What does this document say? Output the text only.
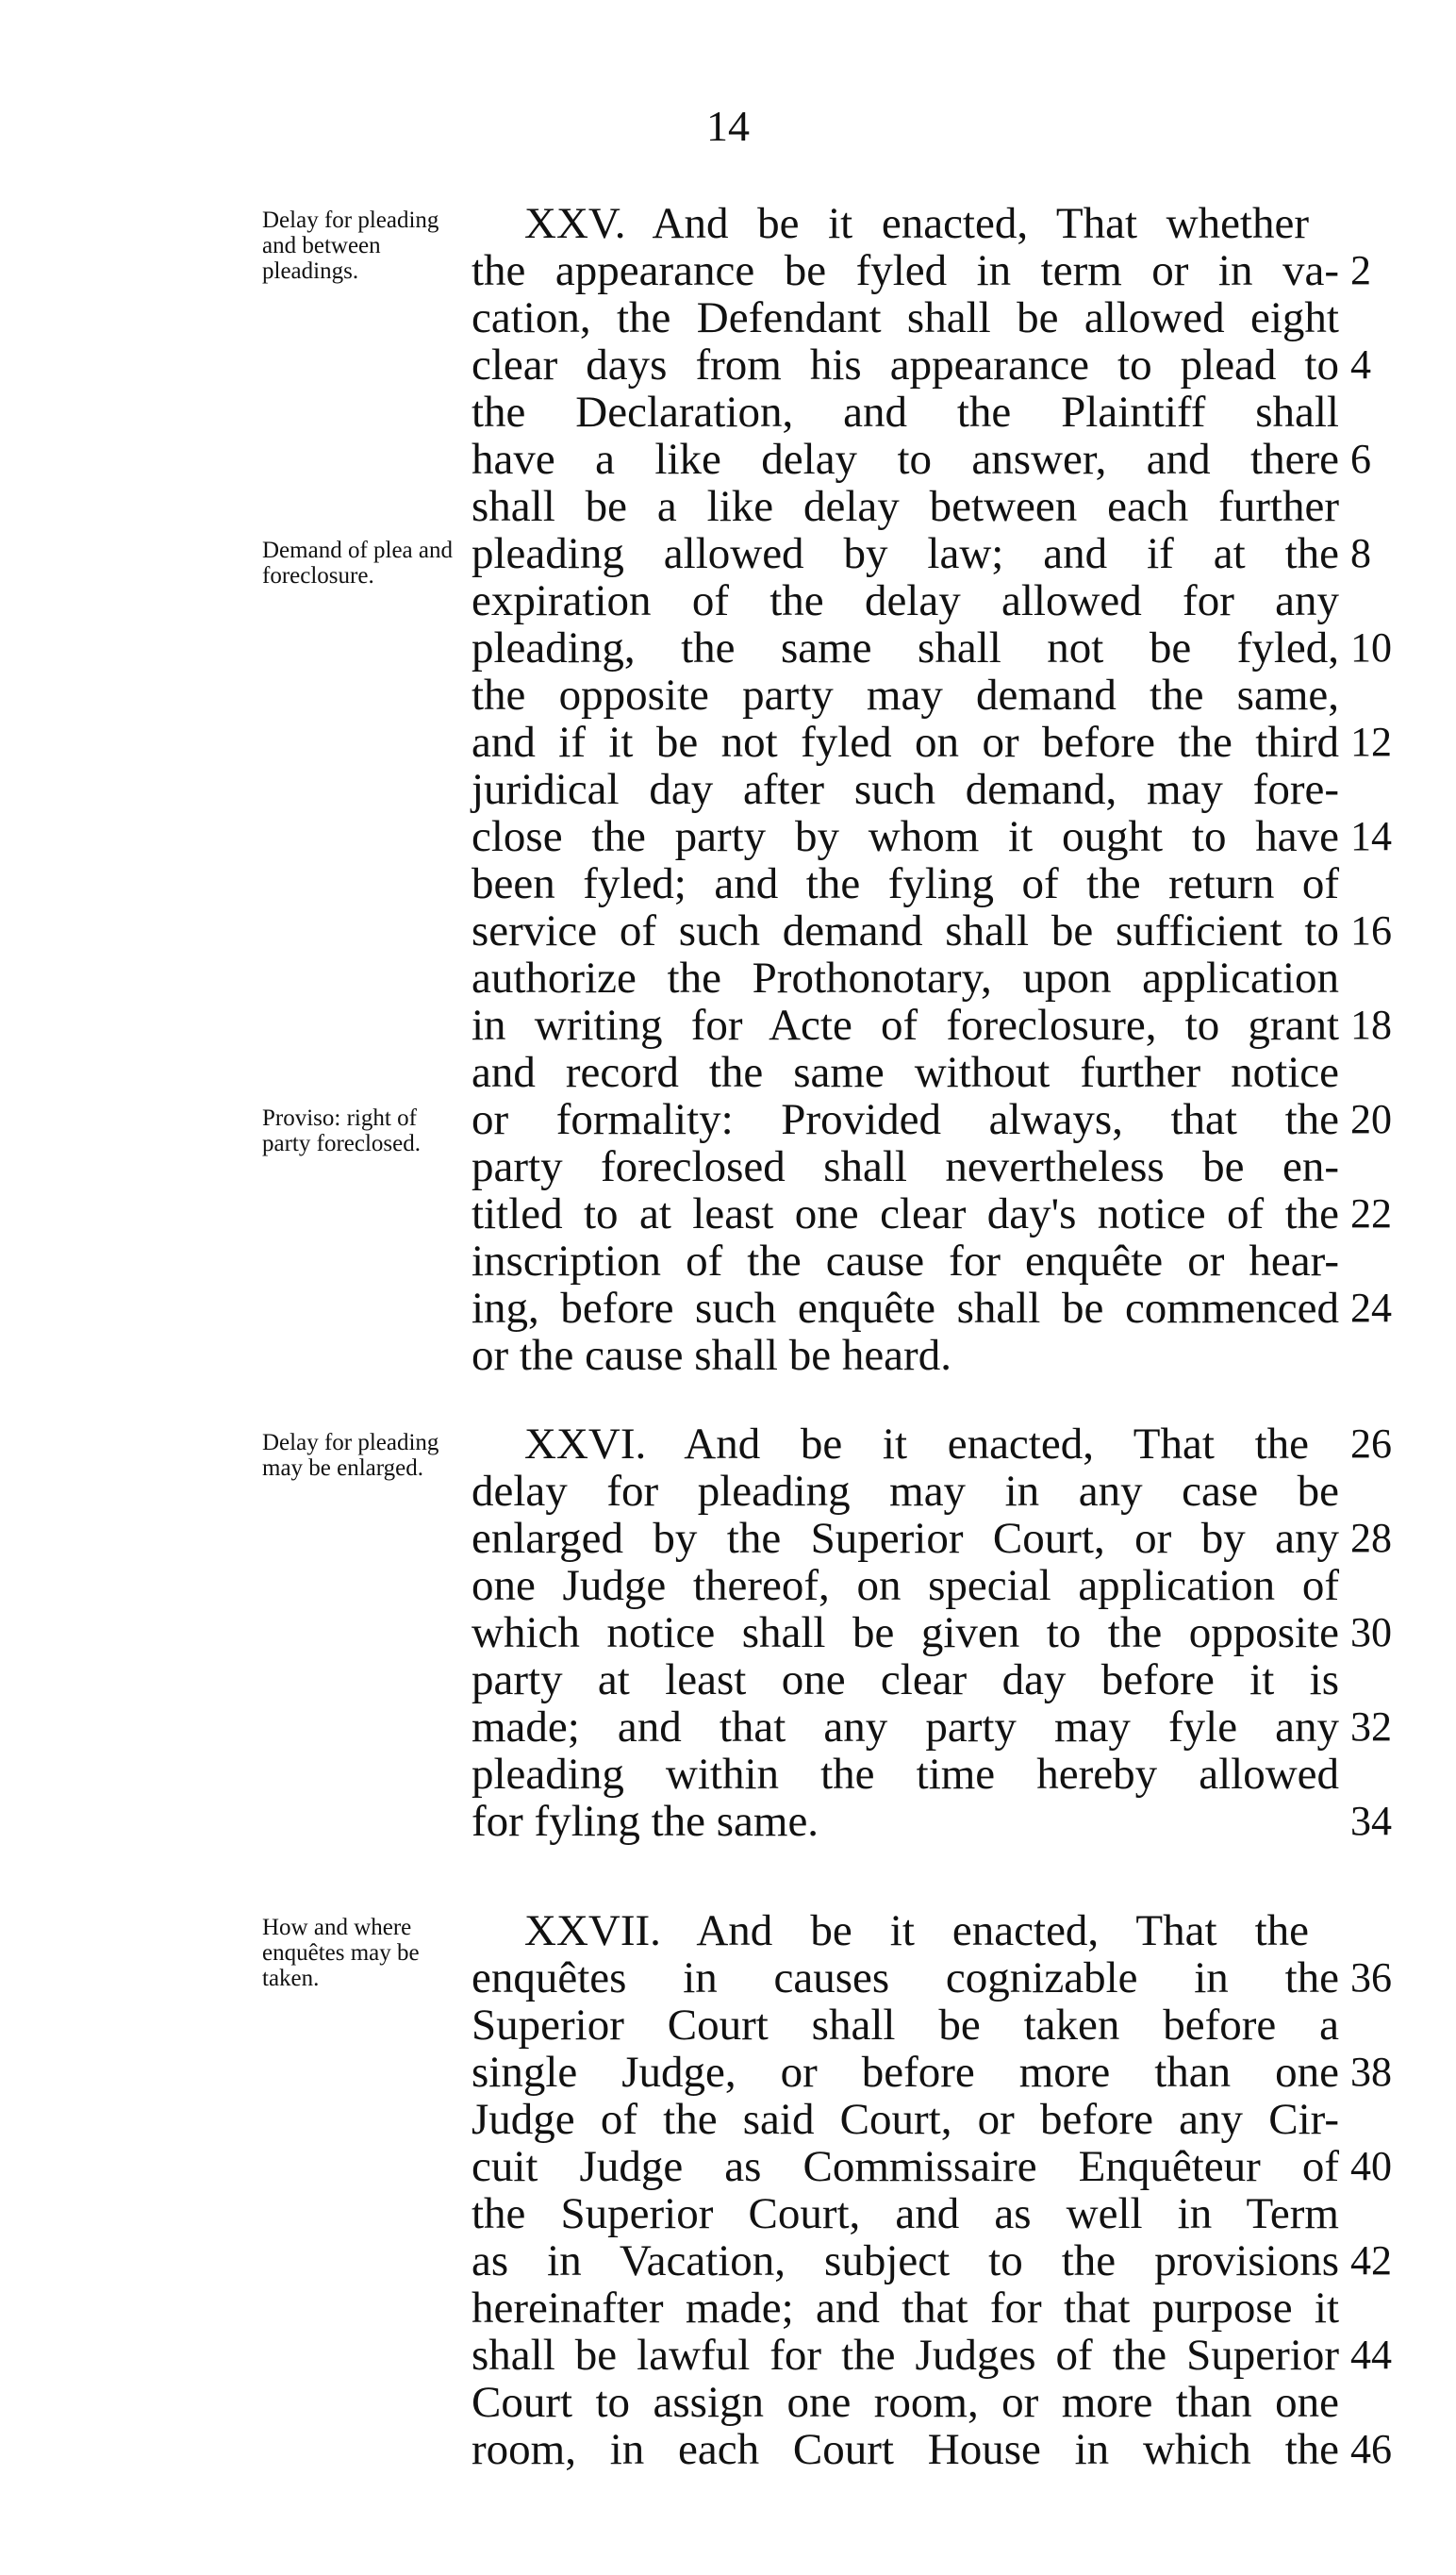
14
Delay for pleading and between pleadings.
Demand of plea and foreclosure.
Proviso: right of party foreclosed.
XXV. And be it enacted, That whether
the appearance be fyled in term or in va- 2
cation, the Defendant shall be allowed eight
clear days from his appearance to plead to 4
the Declaration, and the Plaintiff shall
have a like delay to answer, and there 6
shall be a like delay between each further
pleading allowed by law; and if at the 8
expiration of the delay allowed for any
pleading, the same shall not be fyled, 10
the opposite party may demand the same,
and if it be not fyled on or before the third 12
juridical day after such demand, may fore-
close the party by whom it ought to have 14
been fyled; and the fyling of the return of
service of such demand shall be sufficient to 16
authorize the Prothonotary, upon application
in writing for Acte of foreclosure, to grant 18
and record the same without further notice
or formality: Provided always, that the 20
party foreclosed shall nevertheless be en-
titled to at least one clear day's notice of the 22
inscription of the cause for enquête or hear-
ing, before such enquête shall be commenced 24
or the cause shall be heard.
Delay for pleading may be enlarged.	XXVI. And be it enacted, That the 26
delay for pleading may in any case be
enlarged by the Superior Court, or by any 28
one Judge thereof, on special application of
which notice shall be given to the opposite 30
party at least one clear day before it is
made; and that any party may fyle any 32
pleading within the time hereby allowed
for fyling the same.	34
How and where enquêtes may be taken.
XXVII. And be it enacted, That the
enquêtes in causes cognizable in the 36
Superior Court shall be taken before a
single Judge, or before more than one 38
Judge of the said Court, or before any Cir-
cuit Judge as Commissaire Enquêteur of 40
the Superior Court, and as well in Term
as in Vacation, subject to the provisions 42
hereinafter made; and that for that purpose it
shall be lawful for the Judges of the Superior 44
Court to assign one room, or more than one
room, in each Court House in which the 46
